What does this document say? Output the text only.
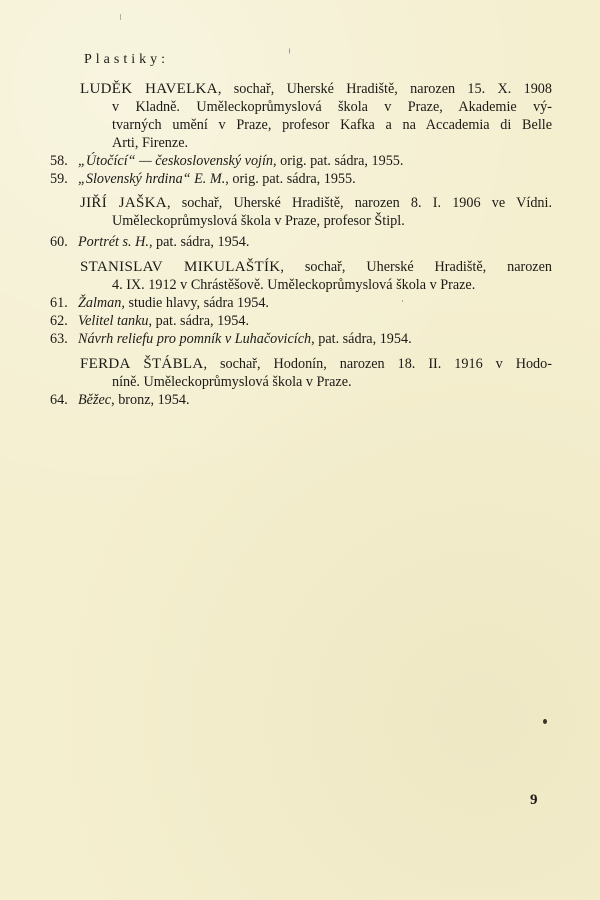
Plastiky:
LUDĚK HAVELKA, sochař, Uherské Hradiště, narozen 15. X. 1908
v Kladně. Uměleckoprůmyslová škola v Praze, Akademie vý-
tvarných umění v Praze, profesor Kafka a na Accademia di Belle
Arti, Firenze.
58. „Útočící“ — československý vojín, orig. pat. sádra, 1955.
59. „Slovenský hrdina“ E. M., orig. pat. sádra, 1955.
JIŘÍ JAŠKA, sochař, Uherské Hradiště, narozen 8. I. 1906 ve Vídni.
Uměleckoprůmyslová škola v Praze, profesor Štipl.
60. Portrét s. H., pat. sádra, 1954.
STANISLAV MIKULAŠTÍK, sochař, Uherské Hradiště, narozen
4. IX. 1912 v Chrástěšově. Uměleckoprůmyslová škola v Praze.
61. Žalman, studie hlavy, sádra 1954.
62. Velitel tanku, pat. sádra, 1954.
63. Návrh reliefu pro pomník v Luhačovicích, pat. sádra, 1954.
FERDA ŠTÁBLA, sochař, Hodonín, narozen 18. II. 1916 v Hodo-
níně. Uměleckoprůmyslová škola v Praze.
64. Běžec, bronz, 1954.
9
